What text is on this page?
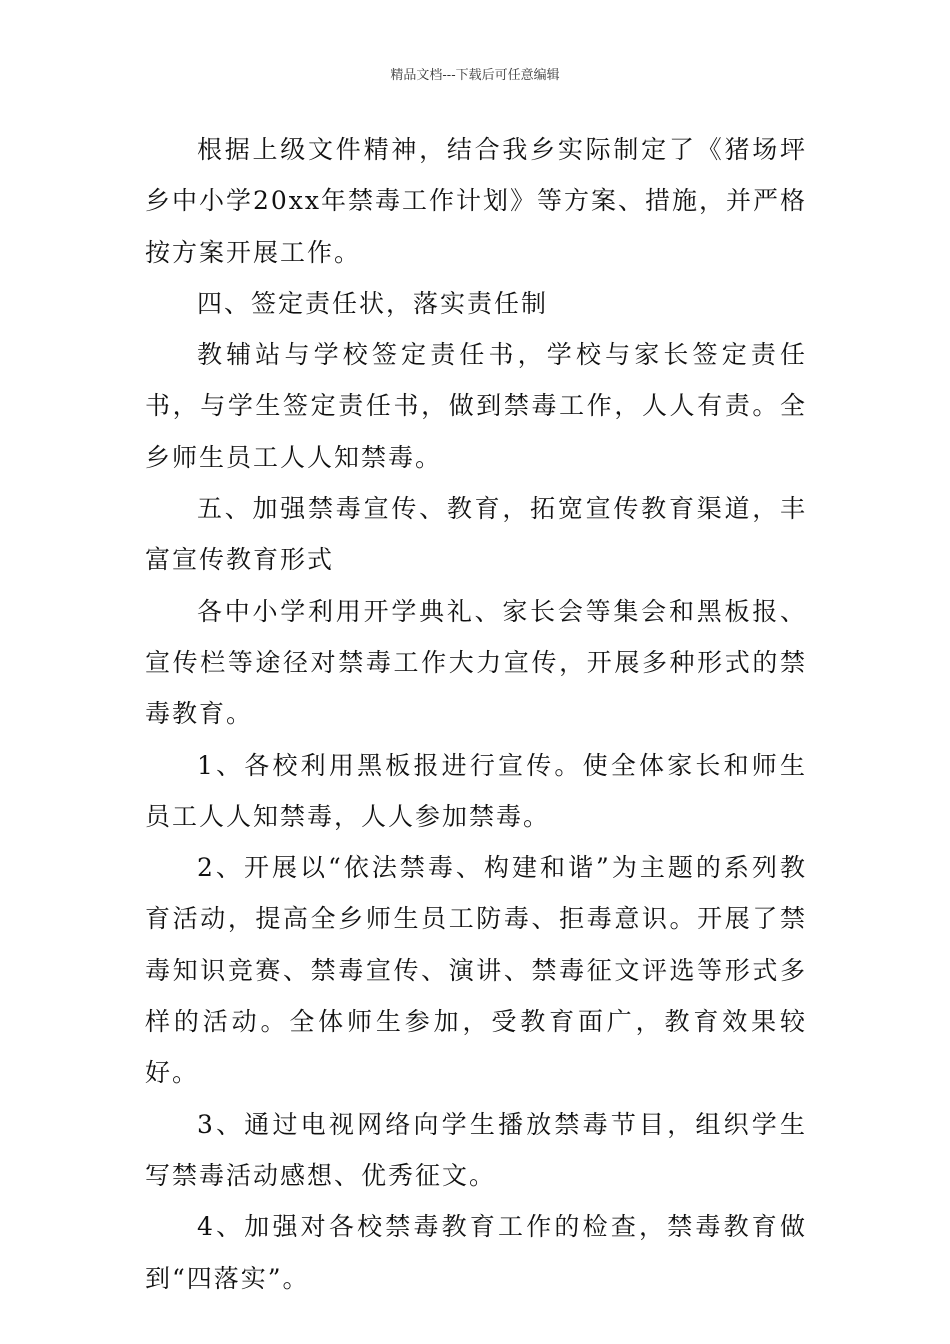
精品文档---下载后可任意编辑

根据上级文件精神，结合我乡实际制定了《猪场坪乡中小学20xx年禁毒工作计划》等方案、措施，并严格按方案开展工作。

四、签定责任状，落实责任制

教辅站与学校签定责任书，学校与家长签定责任书，与学生签定责任书，做到禁毒工作，人人有责。全乡师生员工人人知禁毒。

五、加强禁毒宣传、教育，拓宽宣传教育渠道，丰富宣传教育形式

各中小学利用开学典礼、家长会等集会和黑板报、宣传栏等途径对禁毒工作大力宣传，开展多种形式的禁毒教育。

1、各校利用黑板报进行宣传。使全体家长和师生员工人人知禁毒，人人参加禁毒。

2、开展以“依法禁毒、构建和谐”为主题的系列教育活动，提高全乡师生员工防毒、拒毒意识。开展了禁毒知识竞赛、禁毒宣传、演讲、禁毒征文评选等形式多样的活动。全体师生参加，受教育面广，教育效果较好。

3、通过电视网络向学生播放禁毒节目，组织学生写禁毒活动感想、优秀征文。

4、加强对各校禁毒教育工作的检查，禁毒教育做到“四落实”。
